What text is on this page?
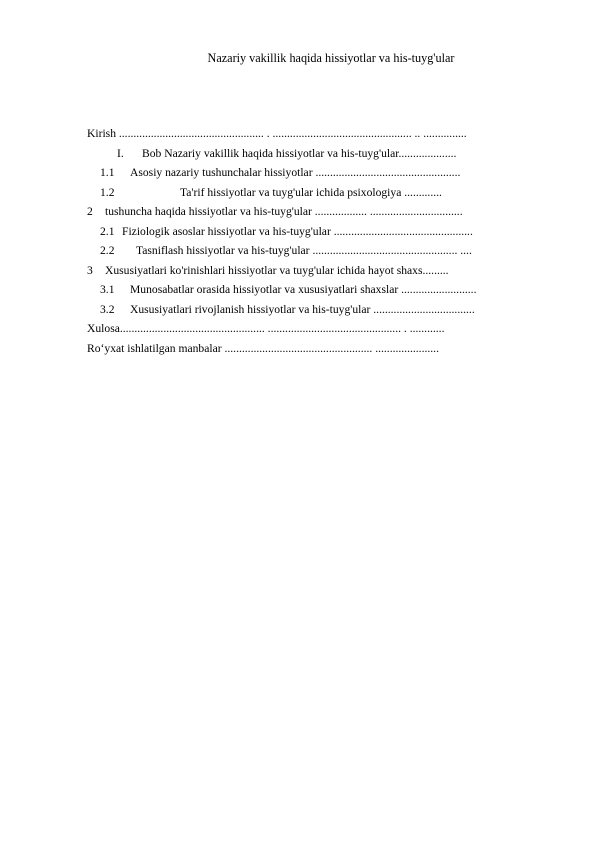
Nazariy vakillik haqida hissiyotlar va his-tuyg'ular
Kirish .................................................. . ................................................ .. ...............
I. Bob Nazariy vakillik haqida hissiyotlar va his-tuyg'ular....................
1.1 Asosiy nazariy tushunchalar hissiyotlar ..................................................
1.2	Ta'rif hissiyotlar va tuyg'ular ichida psixologiya .............
2 tushuncha haqida hissiyotlar va his-tuyg'ular .................. ................................
2.1 Fiziologik asoslar hissiyotlar va his-tuyg'ular ................................................
2.2 Tasniflash hissiyotlar va his-tuyg'ular .................................................. ....
3 Xususiyatlari ko'rinishlari hissiyotlar va tuyg'ular ichida hayot shaxs.........
3.1 Munosabatlar orasida hissiyotlar va xususiyatlari shaxslar ..........................
3.2 Xususiyatlari rivojlanish hissiyotlar va his-tuyg'ular ...................................
Xulosa.................................................. .............................................. . ............
Roʻyxat ishlatilgan manbalar ................................................... ......................
